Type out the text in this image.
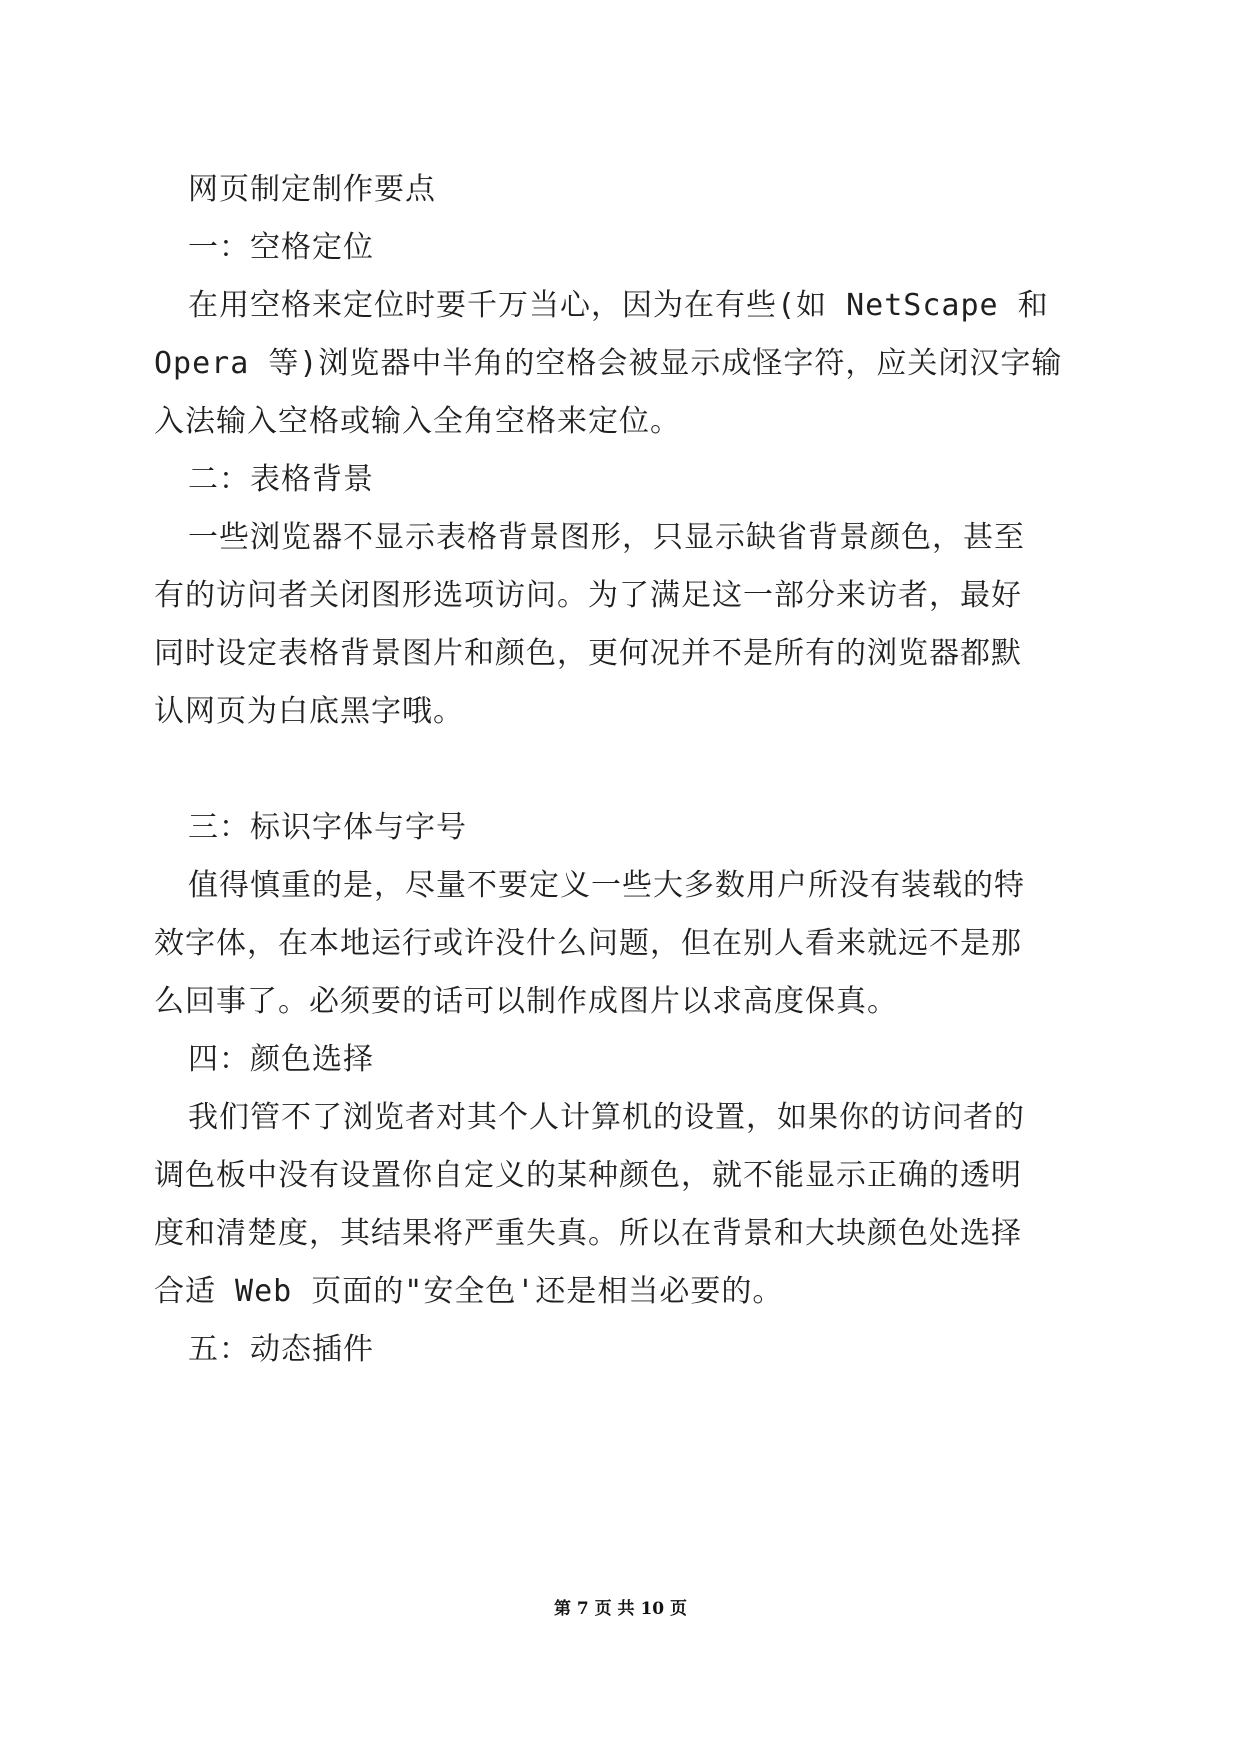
网页制定制作要点
一：空格定位
在用空格来定位时要千万当心，因为在有些(如 NetScape 和
Opera 等)浏览器中半角的空格会被显示成怪字符，应关闭汉字输
入法输入空格或输入全角空格来定位。
二：表格背景
一些浏览器不显示表格背景图形，只显示缺省背景颜色，甚至
有的访问者关闭图形选项访问。为了满足这一部分来访者，最好
同时设定表格背景图片和颜色，更何况并不是所有的浏览器都默
认网页为白底黑字哦。
三：标识字体与字号
值得慎重的是，尽量不要定义一些大多数用户所没有装载的特
效字体，在本地运行或许没什么问题，但在别人看来就远不是那
么回事了。必须要的话可以制作成图片以求高度保真。
四：颜色选择
我们管不了浏览者对其个人计算机的设置，如果你的访问者的
调色板中没有设置你自定义的某种颜色，就不能显示正确的透明
度和清楚度，其结果将严重失真。所以在背景和大块颜色处选择
合适 Web 页面的"安全色'还是相当必要的。
五：动态插件
第 7 页 共 10 页
